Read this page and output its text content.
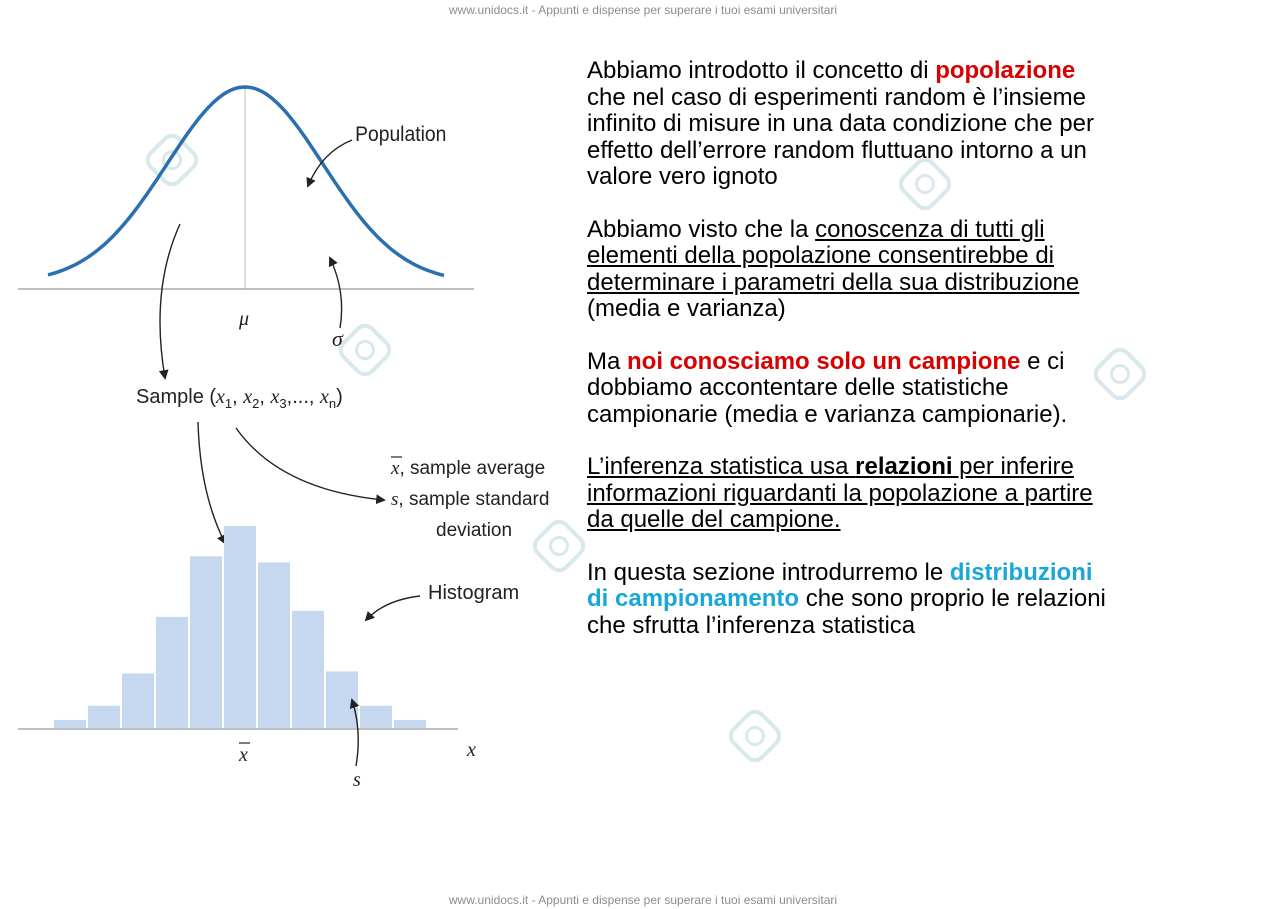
www.unidocs.it - Appunti e dispense per superare i tuoi esami universitari
www.unidocs.it - Appunti e dispense per superare i tuoi esami universitari
Population
μ
σ
Sample ($x_1$, $x_2$, $x_3$,..., $x_n$)
x, sample average
s, sample standard
deviation
Histogram
x
x
s

Abbiamo introdotto il concetto di popolazione che nel caso di esperimenti random è l’insieme infinito di misure in una data condizione che per effetto dell’errore random fluttuano intorno a un valore vero ignoto

Abbiamo visto che la conoscenza di tutti gli elementi della popolazione consentirebbe di determinare i parametri della sua distribuzione (media e varianza)

Ma noi conosciamo solo un campione e ci dobbiamo accontentare delle statistiche campionarie (media e varianza campionarie).

L’inferenza statistica usa relazioni per inferire informazioni riguardanti la popolazione a partire da quelle del campione.

In questa sezione introdurremo le distribuzioni di campionamento che sono proprio le relazioni che sfrutta l’inferenza statistica
